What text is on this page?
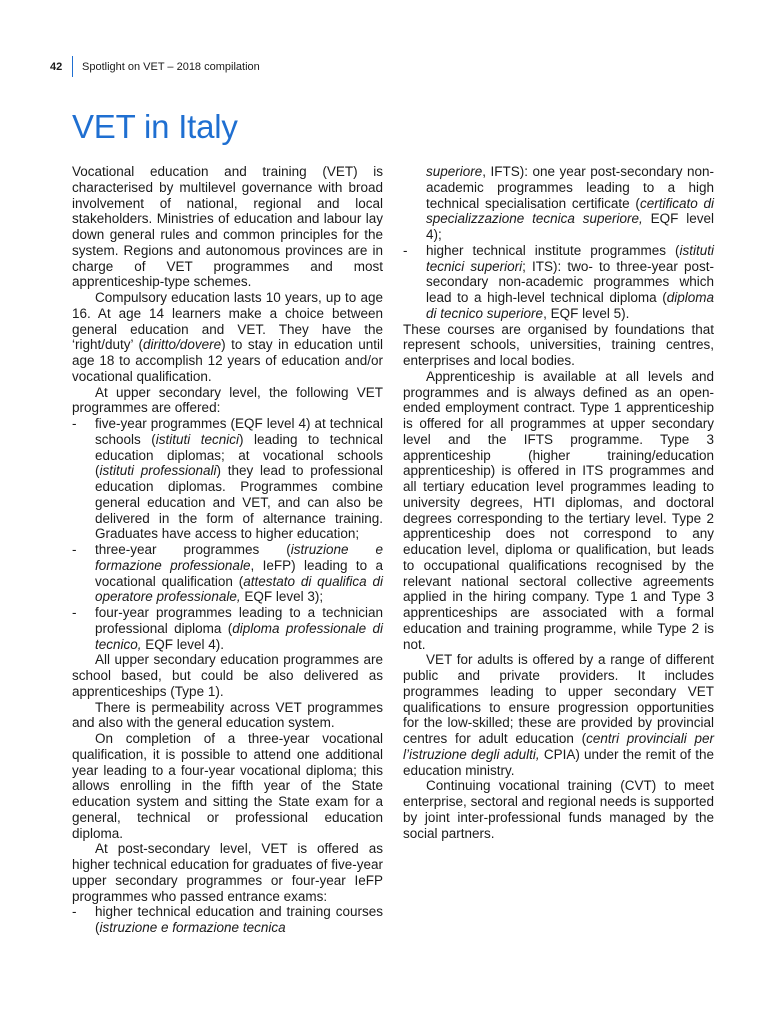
42 Spotlight on VET – 2018 compilation
VET in Italy

Vocational education and training (VET) is characterised by multilevel governance with broad involvement of national, regional and local stakeholders. Ministries of education and labour lay down general rules and common principles for the system. Regions and autonomous provinces are in charge of VET programmes and most apprenticeship-type schemes.

Compulsory education lasts 10 years, up to age 16. At age 14 learners make a choice between general education and VET. They have the ‘right/duty’ (diritto/dovere) to stay in education until age 18 to accomplish 12 years of education and/or vocational qualification.

At upper secondary level, the following VET programmes are offered:

-	five-year programmes (EQF level 4) at technical schools (istituti tecnici) leading to technical education diplomas; at vocational schools (istituti professionali) they lead to professional education diplomas. Programmes combine general education and VET, and can also be delivered in the form of alternance training. Graduates have access to higher education;
-	three-year programmes (istruzione e formazione professionale, IeFP) leading to a vocational qualification (attestato di qualifica di operatore professionale, EQF level 3);
-	four-year programmes leading to a technician professional diploma (diploma professionale di tecnico, EQF level 4).

All upper secondary education programmes are school based, but could be also delivered as apprenticeships (Type 1).

There is permeability across VET programmes and also with the general education system.

On completion of a three-year vocational qualification, it is possible to attend one additional year leading to a four-year vocational diploma; this allows enrolling in the fifth year of the State education system and sitting the State exam for a general, technical or professional education diploma.

At post-secondary level, VET is offered as higher technical education for graduates of five-year upper secondary programmes or four-year IeFP programmes who passed entrance exams:

-	higher technical education and training courses (istruzione e formazione tecnica
superiore, IFTS): one year post-secondary non-academic programmes leading to a high technical specialisation certificate (certificato di specializzazione tecnica superiore, EQF level 4);
-	higher technical institute programmes (istituti tecnici superiori; ITS): two- to three-year post-secondary non-academic programmes which lead to a high-level technical diploma (diploma di tecnico superiore, EQF level 5).

These courses are organised by foundations that represent schools, universities, training centres, enterprises and local bodies.

Apprenticeship is available at all levels and programmes and is always defined as an open-ended employment contract. Type 1 apprenticeship is offered for all programmes at upper secondary level and the IFTS programme. Type 3 apprenticeship (higher training/education apprenticeship) is offered in ITS programmes and all tertiary education level programmes leading to university degrees, HTI diplomas, and doctoral degrees corresponding to the tertiary level. Type 2 apprenticeship does not correspond to any education level, diploma or qualification, but leads to occupational qualifications recognised by the relevant national sectoral collective agreements applied in the hiring company. Type 1 and Type 3 apprenticeships are associated with a formal education and training programme, while Type 2 is not.

VET for adults is offered by a range of different public and private providers. It includes programmes leading to upper secondary VET qualifications to ensure progression opportunities for the low-skilled; these are provided by provincial centres for adult education (centri provinciali per l’istruzione degli adulti, CPIA) under the remit of the education ministry.

Continuing vocational training (CVT) to meet enterprise, sectoral and regional needs is supported by joint inter-professional funds managed by the social partners.
